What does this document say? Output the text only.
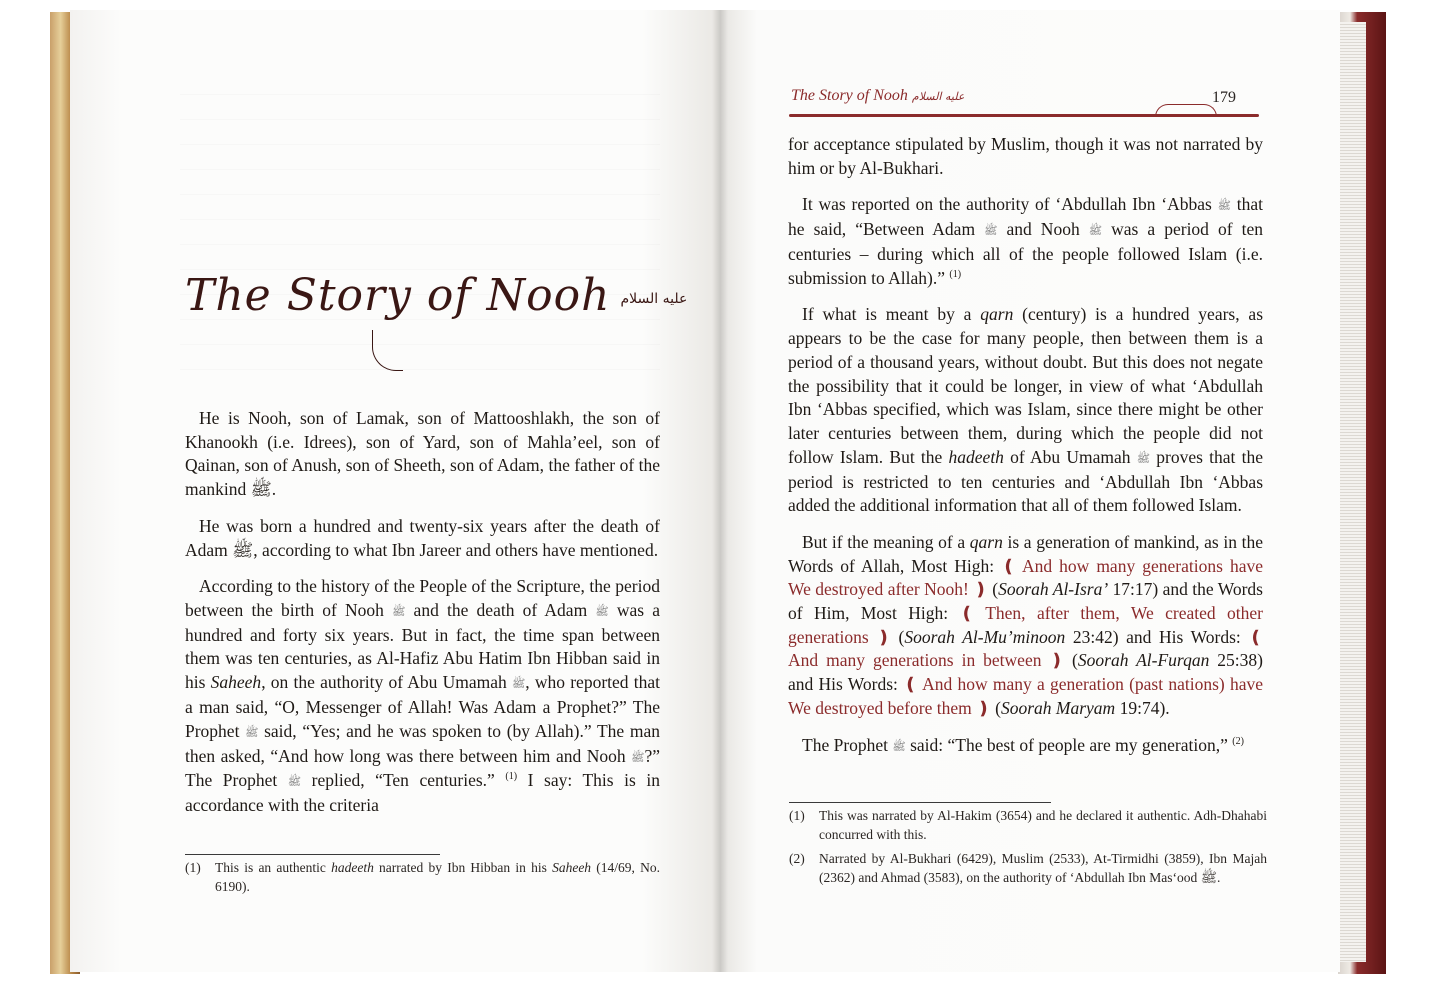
The Story of Nooh عليه السلام

He is Nooh, son of Lamak, son of Mattooshlakh, the son of Khanookh (i.e. Idrees), son of Yard, son of Mahla’eel, son of Qainan, son of Anush, son of Sheeth, son of Adam, the father of the mankind ﷺ.

He was born a hundred and twenty-six years after the death of Adam ﷺ, according to what Ibn Jareer and others have mentioned.

According to the history of the People of the Scripture, the period between the birth of Nooh ﷺ and the death of Adam ﷺ was a hundred and forty six years. But in fact, the time span between them was ten centuries, as Al-Hafiz Abu Hatim Ibn Hibban said in his Saheeh, on the authority of Abu Umamah ﷺ, who reported that a man said, “O, Messenger of Allah! Was Adam a Prophet?” The Prophet ﷺ said, “Yes; and he was spoken to (by Allah).” The man then asked, “And how long was there between him and Nooh ﷺ?” The Prophet ﷺ replied, “Ten centuries.” $^{(1)}$ I say: This is in accordance with the criteria

(1)	This is an authentic hadeeth narrated by Ibn Hibban in his Saheeh (14/69, No. 6190).
The Story of Nooh عليه السلام	179

for acceptance stipulated by Muslim, though it was not narrated by him or by Al-Bukhari.

It was reported on the authority of ‘Abdullah Ibn ‘Abbas ﷺ that he said, “Between Adam ﷺ and Nooh ﷺ was a period of ten centuries – during which all of the people followed Islam (i.e. submission to Allah).” $^{(1)}$

If what is meant by a qarn (century) is a hundred years, as appears to be the case for many people, then between them is a period of a thousand years, without doubt. But this does not negate the possibility that it could be longer, in view of what ‘Abdullah Ibn ‘Abbas specified, which was Islam, since there might be other later centuries between them, during which the people did not follow Islam. But the hadeeth of Abu Umamah ﷺ proves that the period is restricted to ten centuries and ‘Abdullah Ibn ‘Abbas added the additional information that all of them followed Islam.

But if the meaning of a qarn is a generation of mankind, as in the Words of Allah, Most High: ❪ And how many generations have We destroyed after Nooh! ❫ (Soorah Al-Isra’ 17:17) and the Words of Him, Most High: ❪ Then, after them, We created other generations ❫ (Soorah Al-Mu’minoon 23:42) and His Words: ❪ And many generations in between ❫ (Soorah Al-Furqan 25:38) and His Words: ❪ And how many a generation (past nations) have We destroyed before them ❫ (Soorah Maryam 19:74).

The Prophet ﷺ said: “The best of people are my generation,” $^{(2)}$

(1)	This was narrated by Al-Hakim (3654) and he declared it authentic. Adh-Dhahabi concurred with this.
(2)	Narrated by Al-Bukhari (6429), Muslim (2533), At-Tirmidhi (3859), Ibn Majah (2362) and Ahmad (3583), on the authority of ‘Abdullah Ibn Mas‘ood ﷺ.
